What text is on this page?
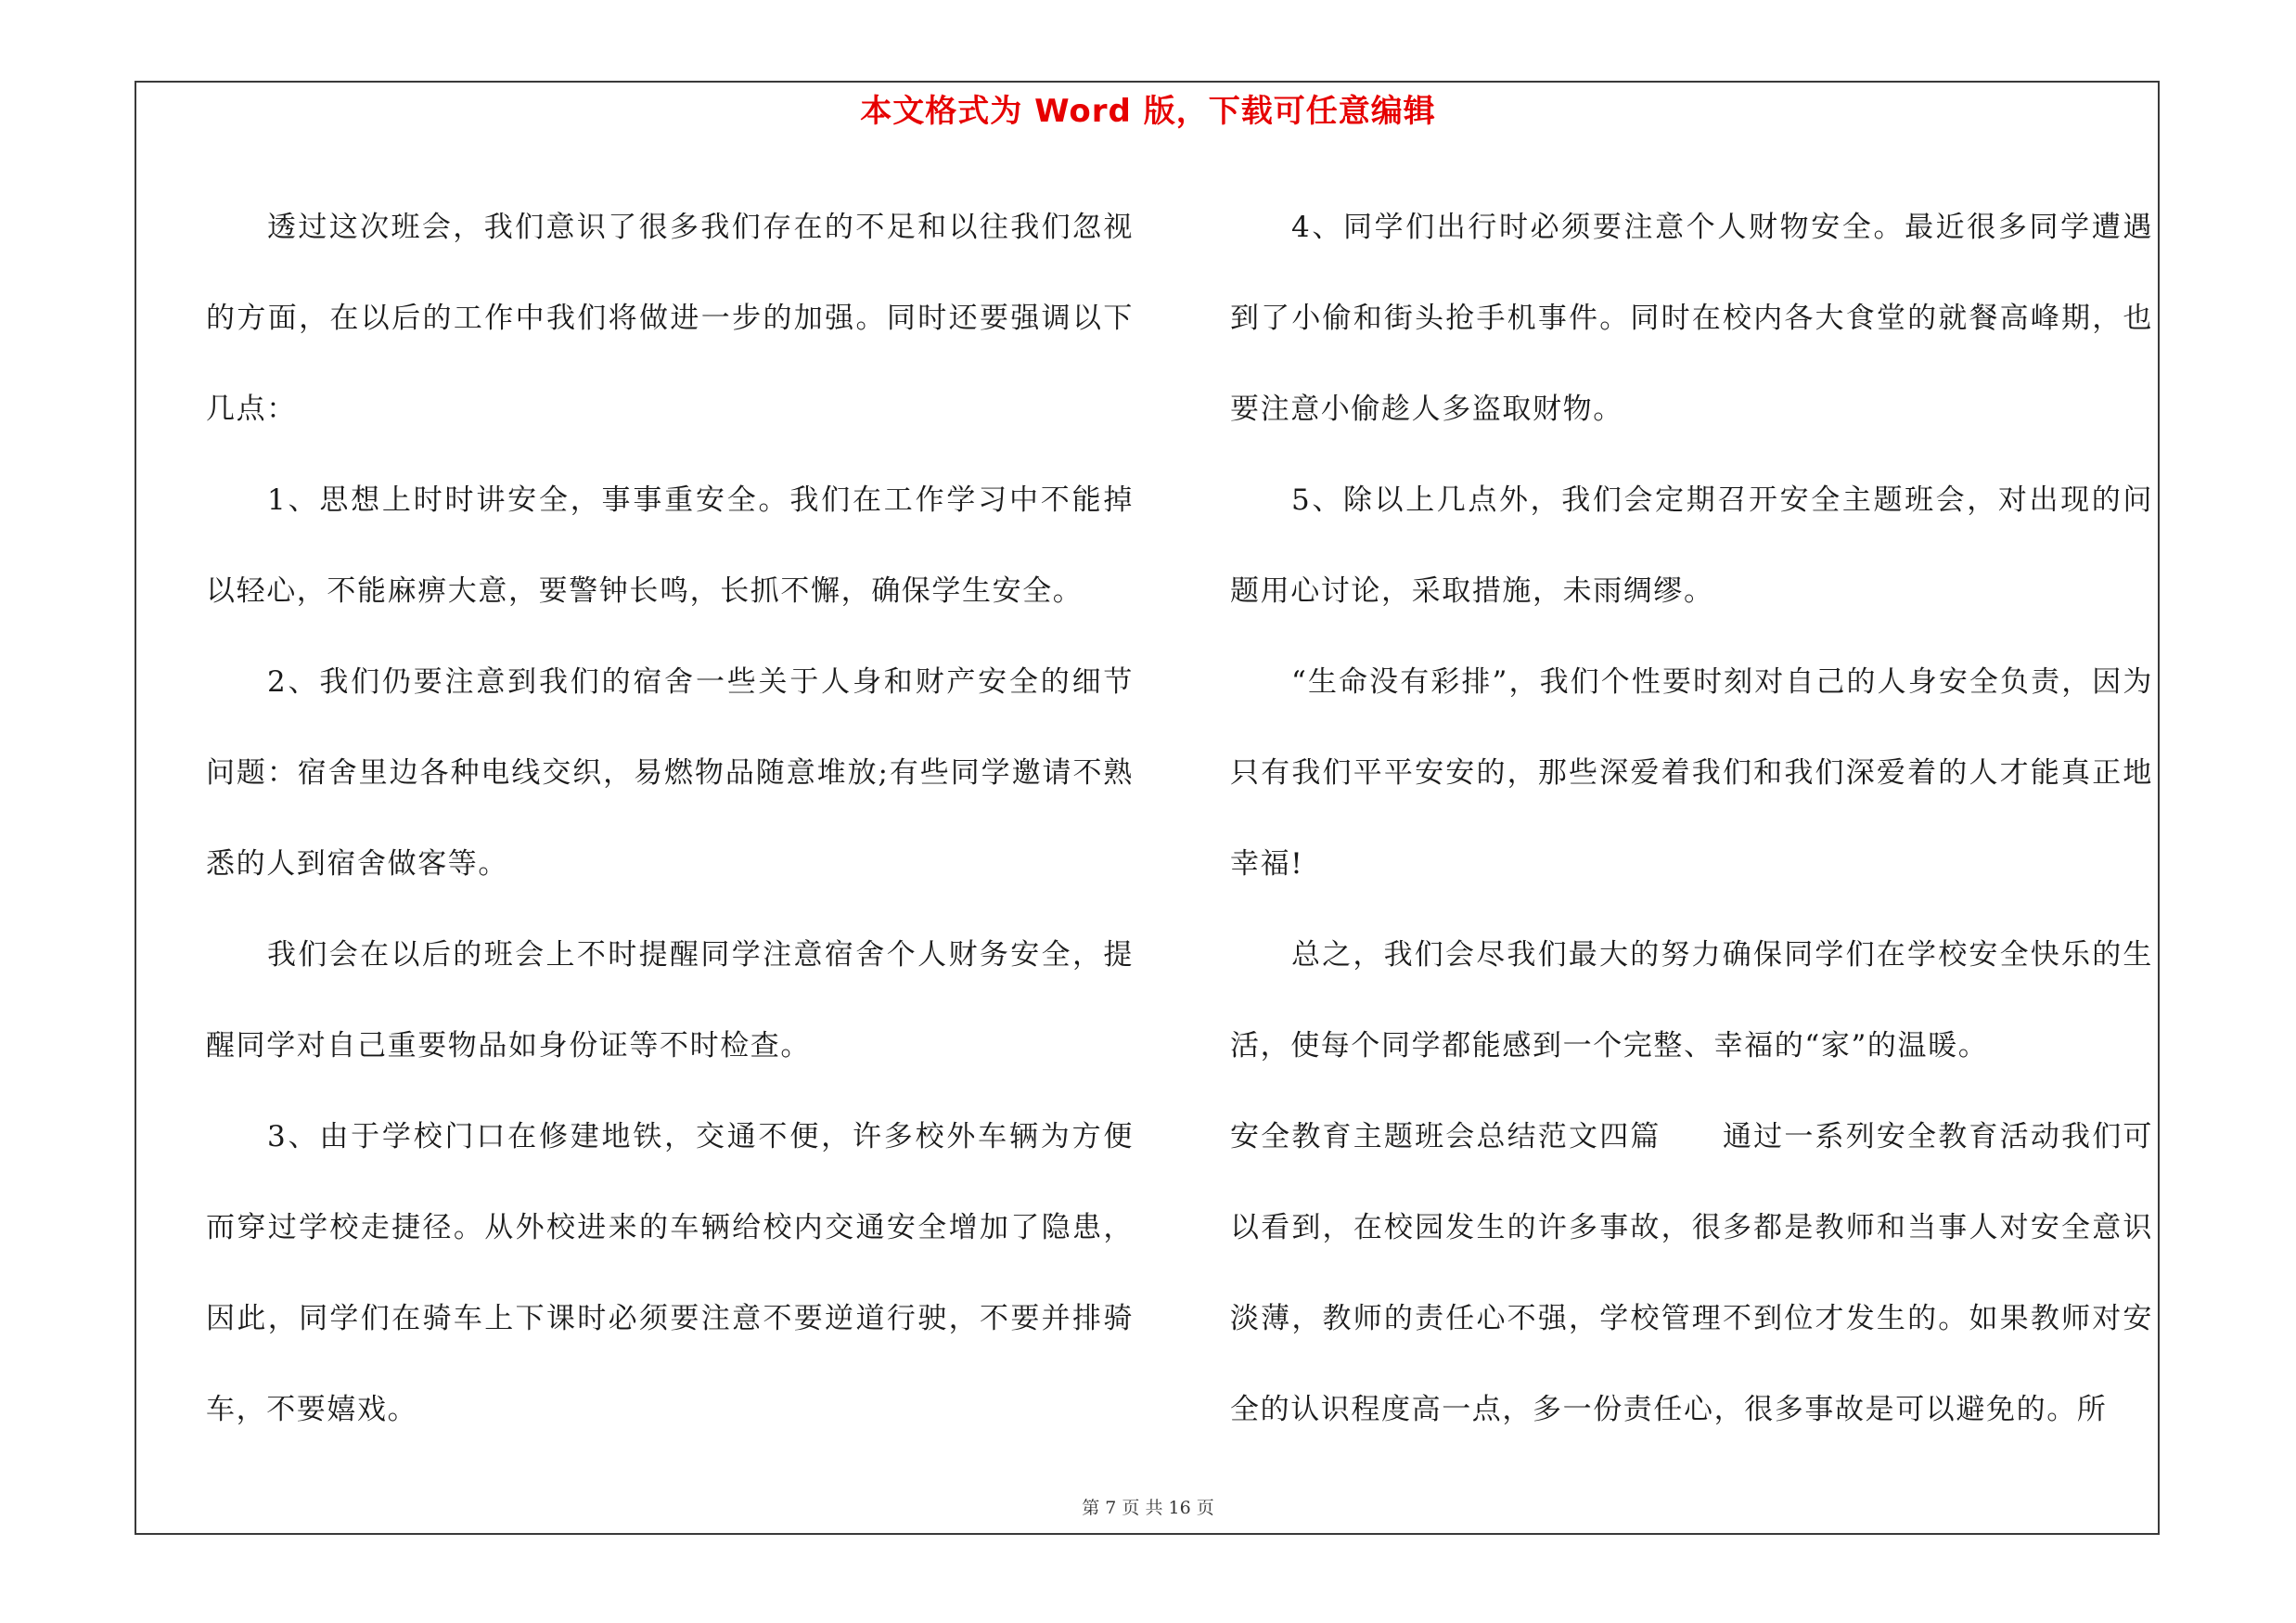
本文格式为 Word 版，下载可任意编辑

透过这次班会，我们意识了很多我们存在的不足和以往我们忽视的方面，在以后的工作中我们将做进一步的加强。同时还要强调以下几点：

1、思想上时时讲安全，事事重安全。我们在工作学习中不能掉以轻心，不能麻痹大意，要警钟长鸣，长抓不懈，确保学生安全。

2、我们仍要注意到我们的宿舍一些关于人身和财产安全的细节问题：宿舍里边各种电线交织，易燃物品随意堆放;有些同学邀请不熟悉的人到宿舍做客等。

我们会在以后的班会上不时提醒同学注意宿舍个人财务安全，提醒同学对自己重要物品如身份证等不时检查。

3、由于学校门口在修建地铁，交通不便，许多校外车辆为方便而穿过学校走捷径。从外校进来的车辆给校内交通安全增加了隐患，因此，同学们在骑车上下课时必须要注意不要逆道行驶，不要并排骑车，不要嬉戏。

4、同学们出行时必须要注意个人财物安全。最近很多同学遭遇到了小偷和街头抢手机事件。同时在校内各大食堂的就餐高峰期，也要注意小偷趁人多盗取财物。

5、除以上几点外，我们会定期召开安全主题班会，对出现的问题用心讨论，采取措施，未雨绸缪。

“生命没有彩排”，我们个性要时刻对自己的人身安全负责，因为只有我们平平安安的，那些深爱着我们和我们深爱着的人才能真正地幸福!

总之，我们会尽我们最大的努力确保同学们在学校安全快乐的生活，使每个同学都能感到一个完整、幸福的“家”的温暖。

安全教育主题班会总结范文四篇　　通过一系列安全教育活动我们可以看到，在校园发生的许多事故，很多都是教师和当事人对安全意识淡薄，教师的责任心不强，学校管理不到位才发生的。如果教师对安全的认识程度高一点，多一份责任心，很多事故是可以避免的。所

第 7 页 共 16 页
